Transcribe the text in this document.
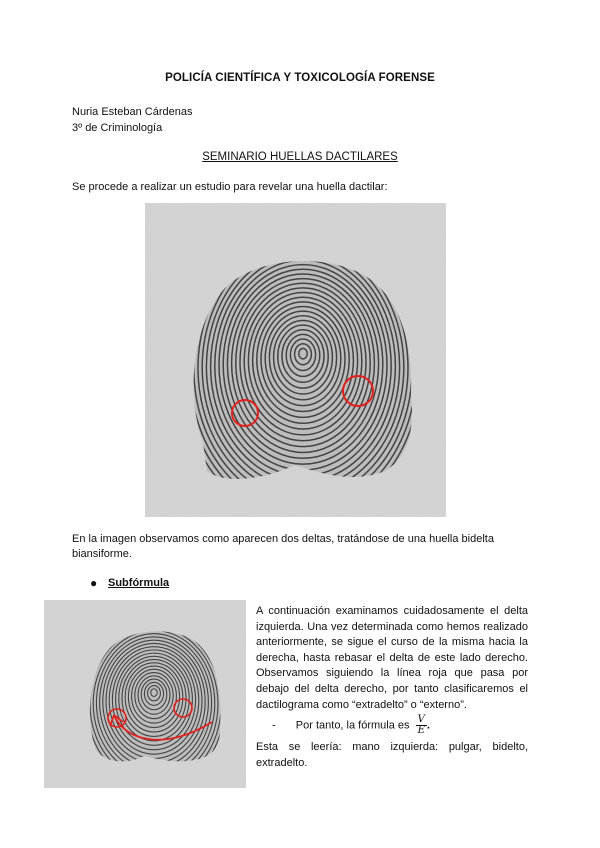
POLICÍA CIENTÍFICA Y TOXICOLOGÍA FORENSE
Nuria Esteban Cárdenas
3º de Criminología
SEMINARIO HUELLAS DACTILARES
Se procede a realizar un estudio para revelar una huella dactilar:
En la imagen observamos como aparecen dos deltas, tratándose de una huella bidelta biansiforme.
● Subfórmula

A continuación examinamos cuidadosamente el delta izquierda. Una vez determinada como hemos realizado anteriormente, se sigue el curso de la misma hacia la derecha, hasta rebasar el delta de este lado derecho. Observamos siguiendo la línea roja que pasa por debajo del delta derecho, por tanto clasificaremos el dactilograma como “extradelto” o “externo”.

- Por tanto, la fórmula es $\frac{V}{E}$ .

Esta se leería: mano izquierda: pulgar, bidelto, extradelto.
